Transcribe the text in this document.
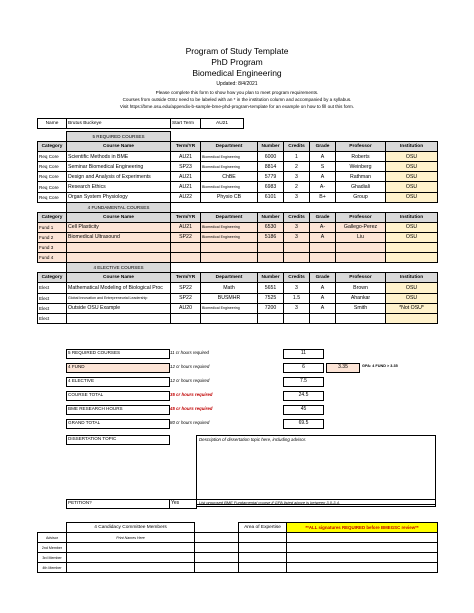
Program of Study Template
PhD Program
Biomedical Engineering
Updated: 8/4/2021
Please complete this form to show how you plan to meet program requirements.
Courses from outside OSU need to be labeled with an * in the institution column and accompanied by a syllabus.
Visit https://bme.osu.edu/appendix-b-sample-bme-phd-program-template for an example on how to fill out this form.
Name	Brutus Buckeye	Start Term	AU21
	5 REQUIRED COURSES							
Category	Course Name	Term/YR	Department	Number	Credits	Grade	Professor	Institution
Req Core	Scientific Methods in BME	AU21	Biomedical Engineering	6000	1	A	Roberts	OSU
Req Core	Seminar Biomedical Engineering	SP23	Biomedical Engineering	8814	2	S	Weinberg	OSU
Req Core	Design and Analysis of Experiments	AU21	ChBE	5779	3	A	Rathman	OSU
Req Core	Research Ethics	AU21	Biomedical Engineering	6983	2	A-	Ghadiali	OSU
Req Core	Organ System Physiology	AU22	Physio CB	6101	3	B+	Group	OSU
	4 FUNDAMENTAL COURSES							
Category	Course Name	Term/YR	Department	Number	Credits	Grade	Professor	Institution
Fund 1	Cell Plasticity	AU21	Biomedical Engineering	6530	3	A-	Gallego-Perez	OSU
Fund 2	Biomedical Ultrasound	SP22	Biomedical Engineering	5186	3	A	Liu	OSU
Fund 3								
Fund 4								
	4 ELECTIVE COURSES							
Category	Course Name	Term/YR	Department	Number	Credits	Grade	Professor	Institution
Elect	Mathematical Modeling of Biological Proc	SP22	Math	5651	3	A	Brown	OSU
Elect	Global Innovation and Entrepreneurial Leadership	SP22	BUSMHR	7525	1.5	A	Ahankar	OSU
Elect	Outside OSU Example	AU20	Biomedical Engineering	7200	3	A	Smith	*Not OSU*
Elect								
5 REQUIRED COURSES	11 cr hours required	11
4 FUND	12 cr hours required	6	3.35	GPA: 4 FUND > 3.35
4 ELECTIVE	12 cr hours required	7.5
COURSE TOTAL	35 cr hours required	24.5
BME RESEARCH HOURS	45 cr hours required	45
GRAND TOTAL	80 cr hours required	69.5
DISSERTATION TOPIC	Description of dissertation topic here, including advisor.
PETITION?	Yes	List proposed BME Fundamental course if GPA listed above is between 3.0-3.4.
	4 Candidacy Committee Members		Area of Expertise	**ALL signatures REQUIRED before BMEGSC review**
Advisor	Print Names Here			
2nd Member				
3rd Member				
4th Member				
